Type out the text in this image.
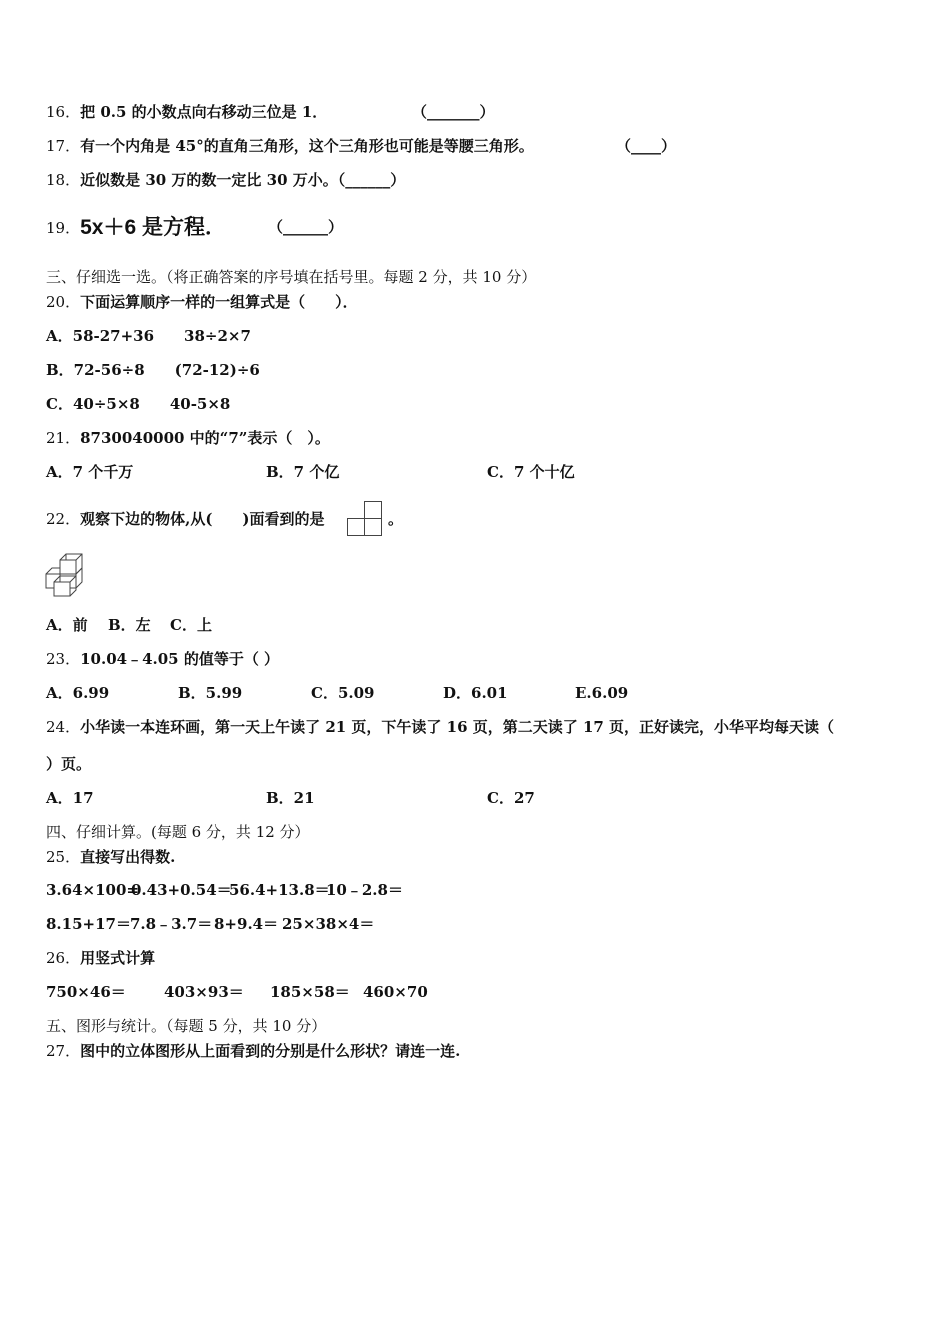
16．把 0.5 的小数点向右移动三位是 1．	（_______）
17．有一个内角是 45°的直角三角形，这个三角形也可能是等腰三角形。	（____）
18．近似数是 30 万的数一定比 30 万小。（______）
19．5x＋6 是方程．	（______）
三、仔细选一选。（将正确答案的序号填在括号里。每题 2 分，共 10 分）
20．下面运算顺序一样的一组算式是（　　）．
A．58-27+36　　38÷2×7
B．72-56÷8　　(72-12)÷6
C．40÷5×8　　40-5×8
21．8730040000 中的“7”表示（　）。
A．7 个千万	B．7 个亿	C．7 个十亿
22．观察下边的物体,从(　　)面看到的是	。
A．前 B．左 C．上
23．10.04﹣4.05 的值等于（ ）
A．6.99	B．5.99	C．5.09	D．6.01	E.6.09
24．小华读一本连环画，第一天上午读了 21 页，下午读了 16 页，第二天读了 17 页，正好读完，小华平均每天读（
）页。
A．17	B．21	C．27
四、仔细计算。(每题 6 分，共 12 分）
25．直接写出得数.
3.64×100=
0.43+0.54＝
56.4+13.8＝
10﹣2.8＝
8.15+17＝ 7.8﹣3.7＝ 8+9.4＝ 25×38×4＝
26．用竖式计算
750×46＝	403×93＝ 185×58＝ 460×70
五、图形与统计。（每题 5 分，共 10 分）
27．图中的立体图形从上面看到的分别是什么形状？请连一连.
